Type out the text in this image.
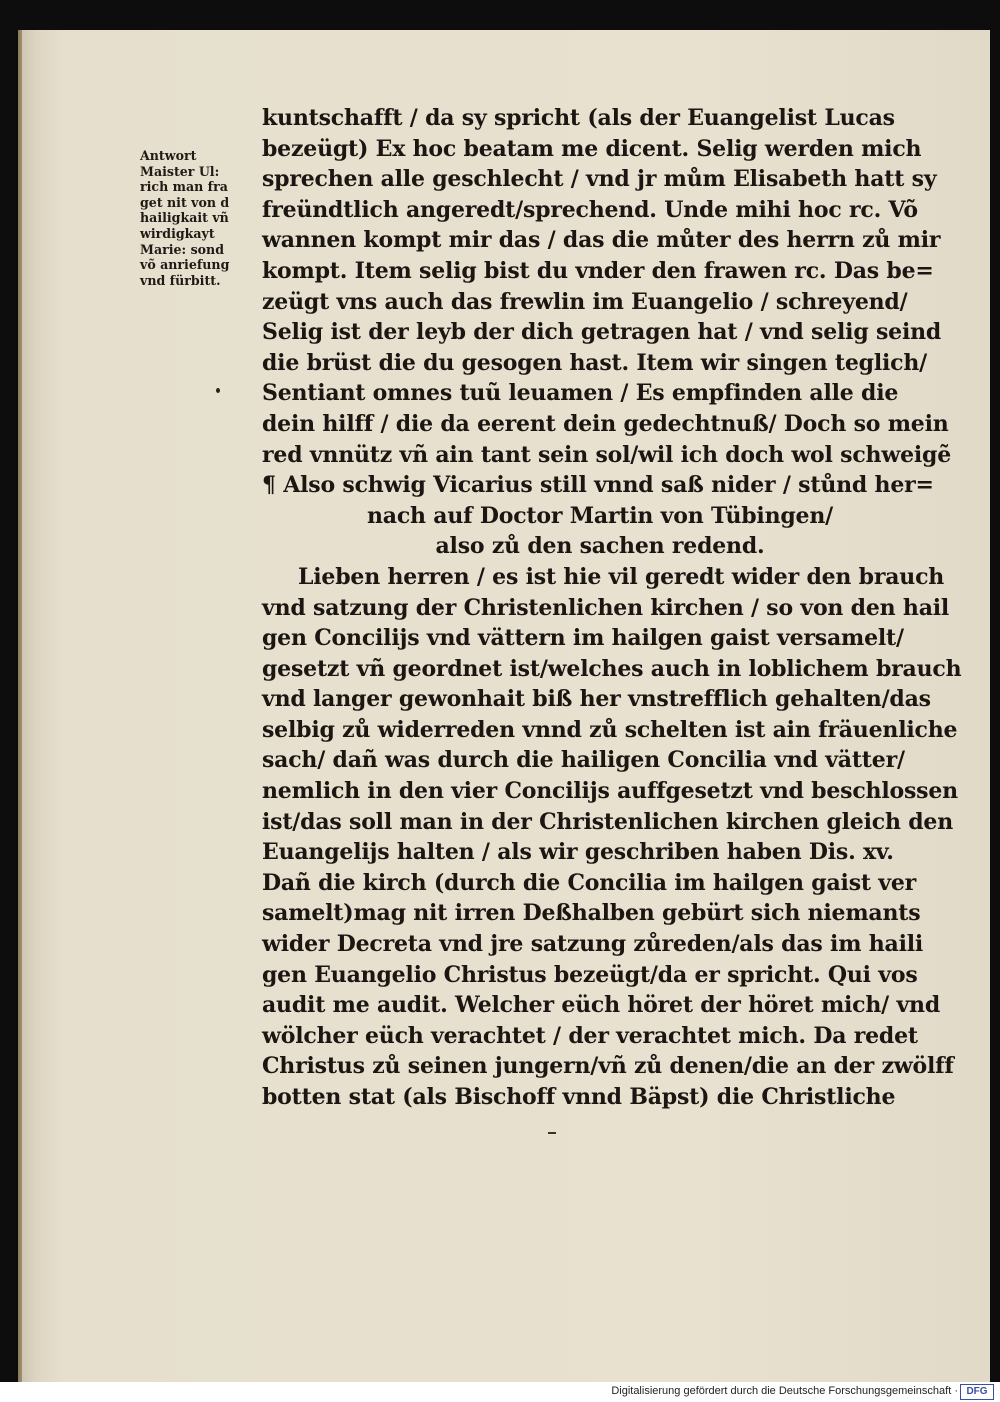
Antwort
Maister Ul:
rich man fra
get nit von d
hailigkait vñ
wirdigkayt
Marie: sond
võ anriefung
vnd fürbitt.
kuntschafft / da sy spricht (als der Euangelist Lucas
bezeügt) Ex hoc beatam me dicent. Selig werden mich
sprechen alle geschlecht / vnd jr mům Elisabeth hatt sy
freündtlich angeredt/sprechend. Unde mihi hoc rc. Võ
wannen kompt mir das / das die můter des herrn zů mir
kompt. Item selig bist du vnder den frawen rc. Das be=
zeügt vns auch das frewlin im Euangelio / schreyend/
Selig ist der leyb der dich getragen hat / vnd selig seind
die brüst die du gesogen hast. Item wir singen teglich/
Sentiant omnes tuũ leuamen / Es empfinden alle die
dein hilff / die da eerent dein gedechtnuß/ Doch so mein
red vnnütz vñ ain tant sein sol/wil ich doch wol schweigẽ
¶ Also schwig Vicarius still vnnd saß nider / stůnd her=
nach auf Doctor Martin von Tübingen/
also zů den sachen redend.
Lieben herren / es ist hie vil geredt wider den brauch
vnd satzung der Christenlichen kirchen / so von den hail
gen Concilijs vnd vättern im hailgen gaist versamelt/
gesetzt vñ geordnet ist/welches auch in loblichem brauch
vnd langer gewonhait biß her vnstrefflich gehalten/das
selbig zů widerreden vnnd zů schelten ist ain fräuenliche
sach/ dañ was durch die hailigen Concilia vnd vätter/
nemlich in den vier Concilijs auffgesetzt vnd beschlossen
ist/das soll man in der Christenlichen kirchen gleich den
Euangelijs halten / als wir geschriben haben Dis. xv.
Dañ die kirch (durch die Concilia im hailgen gaist ver
samelt)mag nit irren Deßhalben gebürt sich niemants
wider Decreta vnd jre satzung zůreden/als das im haili
gen Euangelio Christus bezeügt/da er spricht. Qui vos
audit me audit. Welcher eüch höret der höret mich/ vnd
wölcher eüch verachtet / der verachtet mich. Da redet
Christus zů seinen jungern/vñ zů denen/die an der zwölff
botten stat (als Bischoff vnnd Bäpst) die Christliche
Digitalisierung gefördert durch die Deutsche Forschungsgemeinschaft · DFG
